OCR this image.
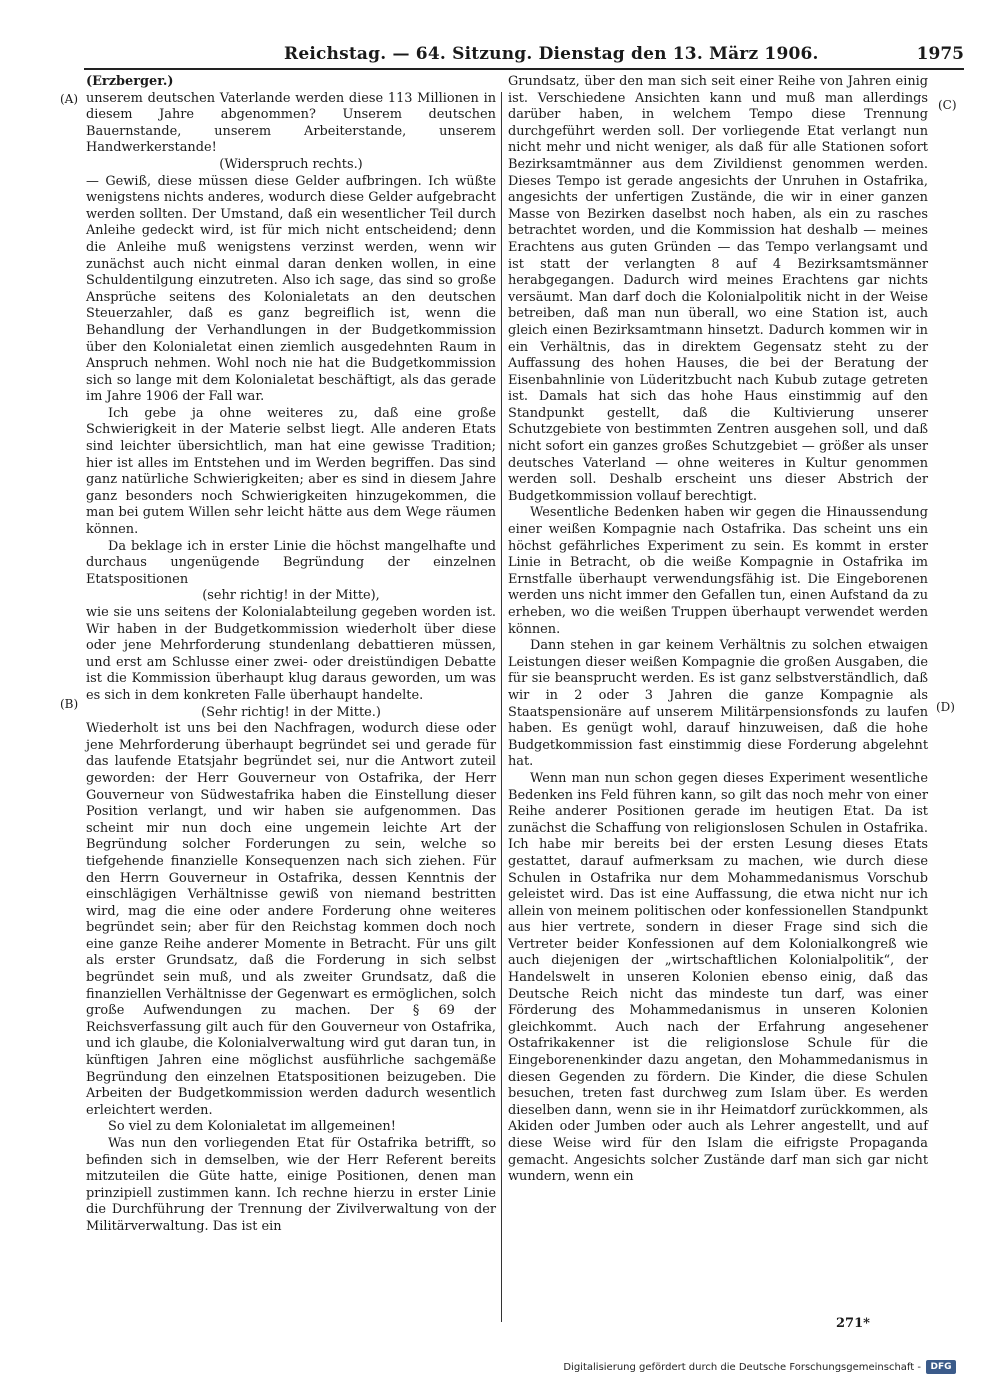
Reichstag. — 64. Sitzung. Dienstag den 13. März 1906.	1975
(A)
(B)
(C)
(D)

(Erzberger.)

unserem deutschen Vaterlande werden diese 113 Millionen in diesem Jahre abgenommen? Unserem deutschen Bauernstande, unserem Arbeiterstande, unserem Handwerkerstande!

(Widerspruch rechts.)

— Gewiß, diese müssen diese Gelder aufbringen. Ich wüßte wenigstens nichts anderes, wodurch diese Gelder aufgebracht werden sollten. Der Umstand, daß ein wesentlicher Teil durch Anleihe gedeckt wird, ist für mich nicht entscheidend; denn die Anleihe muß wenigstens verzinst werden, wenn wir zunächst auch nicht einmal daran denken wollen, in eine Schuldentilgung einzutreten. Also ich sage, das sind so große Ansprüche seitens des Kolonialetats an den deutschen Steuerzahler, daß es ganz begreiflich ist, wenn die Behandlung der Verhandlungen in der Budgetkommission über den Kolonialetat einen ziemlich ausgedehnten Raum in Anspruch nehmen. Wohl noch nie hat die Budgetkommission sich so lange mit dem Kolonialetat beschäftigt, als das gerade im Jahre 1906 der Fall war.

Ich gebe ja ohne weiteres zu, daß eine große Schwierigkeit in der Materie selbst liegt. Alle anderen Etats sind leichter übersichtlich, man hat eine gewisse Tradition; hier ist alles im Entstehen und im Werden begriffen. Das sind ganz natürliche Schwierigkeiten; aber es sind in diesem Jahre ganz besonders noch Schwierigkeiten hinzugekommen, die man bei gutem Willen sehr leicht hätte aus dem Wege räumen können.

Da beklage ich in erster Linie die höchst mangelhafte und durchaus ungenügende Begründung der einzelnen Etatspositionen

(sehr richtig! in der Mitte),

wie sie uns seitens der Kolonialabteilung gegeben worden ist. Wir haben in der Budgetkommission wiederholt über diese oder jene Mehrforderung stundenlang debattieren müssen, und erst am Schlusse einer zwei- oder dreistündigen Debatte ist die Kommission überhaupt klug daraus geworden, um was es sich in dem konkreten Falle überhaupt handelte.

(Sehr richtig! in der Mitte.)

Wiederholt ist uns bei den Nachfragen, wodurch diese oder jene Mehrforderung überhaupt begründet sei und gerade für das laufende Etatsjahr begründet sei, nur die Antwort zuteil geworden: der Herr Gouverneur von Ostafrika, der Herr Gouverneur von Südwestafrika haben die Einstellung dieser Position verlangt, und wir haben sie aufgenommen. Das scheint mir nun doch eine ungemein leichte Art der Begründung solcher Forderungen zu sein, welche so tiefgehende finanzielle Konsequenzen nach sich ziehen. Für den Herrn Gouverneur in Ostafrika, dessen Kenntnis der einschlägigen Verhältnisse gewiß von niemand bestritten wird, mag die eine oder andere Forderung ohne weiteres begründet sein; aber für den Reichstag kommen doch noch eine ganze Reihe anderer Momente in Betracht. Für uns gilt als erster Grundsatz, daß die Forderung in sich selbst begründet sein muß, und als zweiter Grundsatz, daß die finanziellen Verhältnisse der Gegenwart es ermöglichen, solch große Aufwendungen zu machen. Der § 69 der Reichsverfassung gilt auch für den Gouverneur von Ostafrika, und ich glaube, die Kolonialverwaltung wird gut daran tun, in künftigen Jahren eine möglichst ausführliche sachgemäße Begründung den einzelnen Etatspositionen beizugeben. Die Arbeiten der Budgetkommission werden dadurch wesentlich erleichtert werden.

So viel zu dem Kolonialetat im allgemeinen!

Was nun den vorliegenden Etat für Ostafrika betrifft, so befinden sich in demselben, wie der Herr Referent bereits mitzuteilen die Güte hatte, einige Positionen, denen man prinzipiell zustimmen kann. Ich rechne hierzu in erster Linie die Durchführung der Trennung der Zivilverwaltung von der Militärverwaltung. Das ist ein

Grundsatz, über den man sich seit einer Reihe von Jahren einig ist. Verschiedene Ansichten kann und muß man allerdings darüber haben, in welchem Tempo diese Trennung durchgeführt werden soll. Der vorliegende Etat verlangt nun nicht mehr und nicht weniger, als daß für alle Stationen sofort Bezirksamtmänner aus dem Zivildienst genommen werden. Dieses Tempo ist gerade angesichts der Unruhen in Ostafrika, angesichts der unfertigen Zustände, die wir in einer ganzen Masse von Bezirken daselbst noch haben, als ein zu rasches betrachtet worden, und die Kommission hat deshalb — meines Erachtens aus guten Gründen — das Tempo verlangsamt und ist statt der verlangten 8 auf 4 Bezirksamtsmänner herabgegangen. Dadurch wird meines Erachtens gar nichts versäumt. Man darf doch die Kolonialpolitik nicht in der Weise betreiben, daß man nun überall, wo eine Station ist, auch gleich einen Bezirksamtmann hinsetzt. Dadurch kommen wir in ein Verhältnis, das in direktem Gegensatz steht zu der Auffassung des hohen Hauses, die bei der Beratung der Eisenbahnlinie von Lüderitzbucht nach Kubub zutage getreten ist. Damals hat sich das hohe Haus einstimmig auf den Standpunkt gestellt, daß die Kultivierung unserer Schutzgebiete von bestimmten Zentren ausgehen soll, und daß nicht sofort ein ganzes großes Schutzgebiet — größer als unser deutsches Vaterland — ohne weiteres in Kultur genommen werden soll. Deshalb erscheint uns dieser Abstrich der Budgetkommission vollauf berechtigt.

Wesentliche Bedenken haben wir gegen die Hinaussendung einer weißen Kompagnie nach Ostafrika. Das scheint uns ein höchst gefährliches Experiment zu sein. Es kommt in erster Linie in Betracht, ob die weiße Kompagnie in Ostafrika im Ernstfalle überhaupt verwendungsfähig ist. Die Eingeborenen werden uns nicht immer den Gefallen tun, einen Aufstand da zu erheben, wo die weißen Truppen überhaupt verwendet werden können.

Dann stehen in gar keinem Verhältnis zu solchen etwaigen Leistungen dieser weißen Kompagnie die großen Ausgaben, die für sie beansprucht werden. Es ist ganz selbstverständlich, daß wir in 2 oder 3 Jahren die ganze Kompagnie als Staatspensionäre auf unserem Militärpensionsfonds zu laufen haben. Es genügt wohl, darauf hinzuweisen, daß die hohe Budgetkommission fast einstimmig diese Forderung abgelehnt hat.

Wenn man nun schon gegen dieses Experiment wesentliche Bedenken ins Feld führen kann, so gilt das noch mehr von einer Reihe anderer Positionen gerade im heutigen Etat. Da ist zunächst die Schaffung von religionslosen Schulen in Ostafrika. Ich habe mir bereits bei der ersten Lesung dieses Etats gestattet, darauf aufmerksam zu machen, wie durch diese Schulen in Ostafrika nur dem Mohammedanismus Vorschub geleistet wird. Das ist eine Auffassung, die etwa nicht nur ich allein von meinem politischen oder konfessionellen Standpunkt aus hier vertrete, sondern in dieser Frage sind sich die Vertreter beider Konfessionen auf dem Kolonialkongreß wie auch diejenigen der „wirtschaftlichen Kolonialpolitik“, der Handelswelt in unseren Kolonien ebenso einig, daß das Deutsche Reich nicht das mindeste tun darf, was einer Förderung des Mohammedanismus in unseren Kolonien gleichkommt. Auch nach der Erfahrung angesehener Ostafrikakenner ist die religionslose Schule für die Eingeborenenkinder dazu angetan, den Mohammedanismus in diesen Gegenden zu fördern. Die Kinder, die diese Schulen besuchen, treten fast durchweg zum Islam über. Es werden dieselben dann, wenn sie in ihr Heimatdorf zurückkommen, als Akiden oder Jumben oder auch als Lehrer angestellt, und auf diese Weise wird für den Islam die eifrigste Propaganda gemacht. Angesichts solcher Zustände darf man sich gar nicht wundern, wenn ein

271*
Digitalisierung gefördert durch die Deutsche Forschungsgemeinschaft -	DFG
